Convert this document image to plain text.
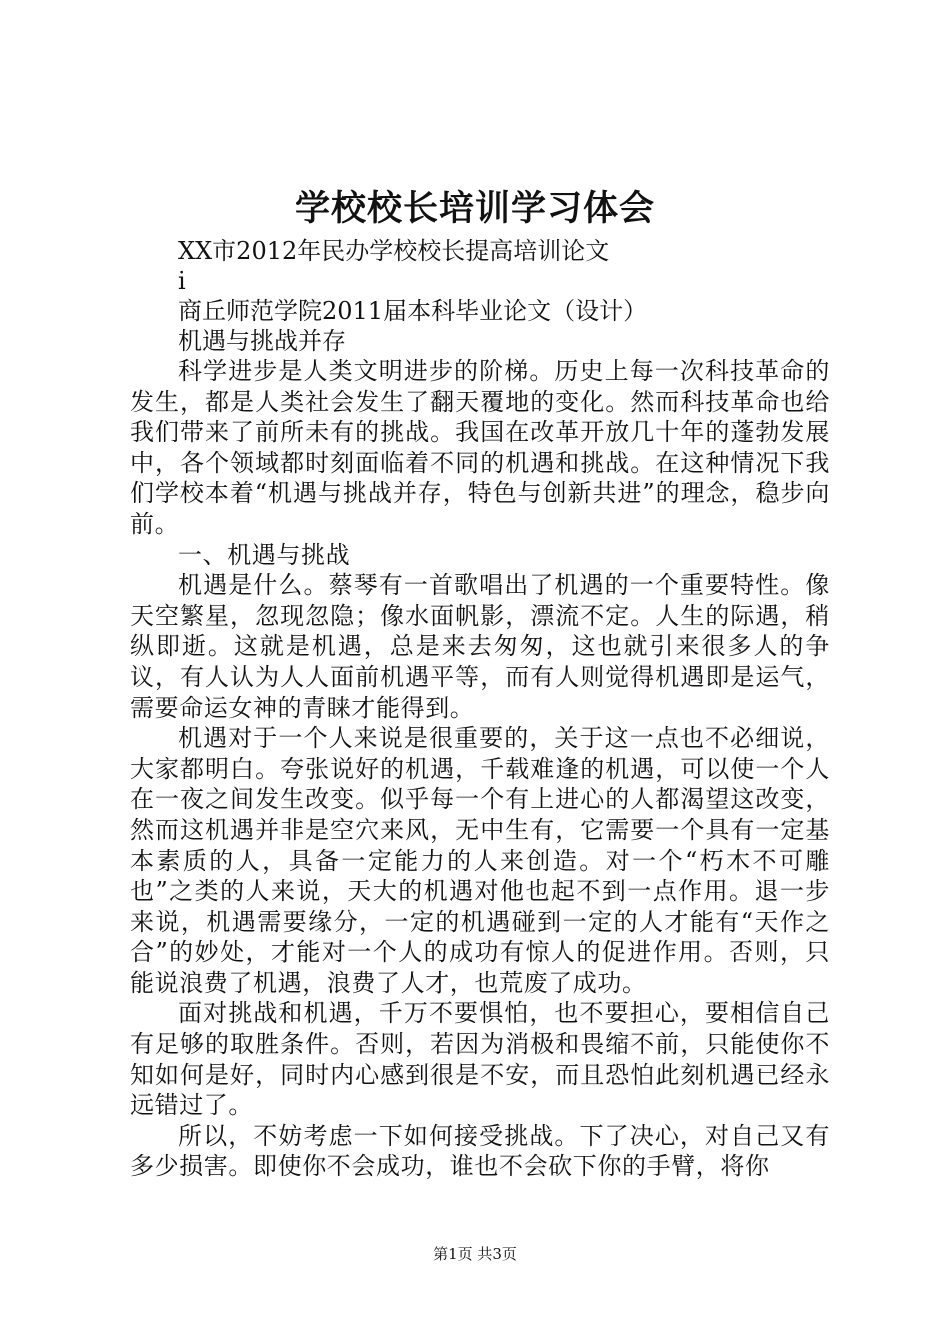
学校校长培训学习体会

XX市2012年民办学校校长提高培训论文

i

商丘师范学院2011届本科毕业论文（设计）

机遇与挑战并存

科学进步是人类文明进步的阶梯。历史上每一次科技革命的发生，都是人类社会发生了翻天覆地的变化。然而科技革命也给我们带来了前所未有的挑战。我国在改革开放几十年的蓬勃发展中，各个领域都时刻面临着不同的机遇和挑战。在这种情况下我们学校本着“机遇与挑战并存，特色与创新共进”的理念，稳步向前。

一、机遇与挑战

机遇是什么。蔡琴有一首歌唱出了机遇的一个重要特性。像天空繁星，忽现忽隐；像水面帆影，漂流不定。人生的际遇，稍纵即逝。这就是机遇，总是来去匆匆，这也就引来很多人的争议，有人认为人人面前机遇平等，而有人则觉得机遇即是运气，需要命运女神的青睐才能得到。

机遇对于一个人来说是很重要的，关于这一点也不必细说，大家都明白。夸张说好的机遇，千载难逢的机遇，可以使一个人在一夜之间发生改变。似乎每一个有上进心的人都渴望这改变，然而这机遇并非是空穴来风，无中生有，它需要一个具有一定基本素质的人，具备一定能力的人来创造。对一个“朽木不可雕也”之类的人来说，天大的机遇对他也起不到一点作用。退一步来说，机遇需要缘分，一定的机遇碰到一定的人才能有“天作之合”的妙处，才能对一个人的成功有惊人的促进作用。否则，只能说浪费了机遇，浪费了人才，也荒废了成功。

面对挑战和机遇，千万不要惧怕，也不要担心，要相信自己有足够的取胜条件。否则，若因为消极和畏缩不前，只能使你不知如何是好，同时内心感到很是不安，而且恐怕此刻机遇已经永远错过了。

所以，不妨考虑一下如何接受挑战。下了决心，对自己又有多少损害。即使你不会成功，谁也不会砍下你的手臂，将你

第1页 共3页
